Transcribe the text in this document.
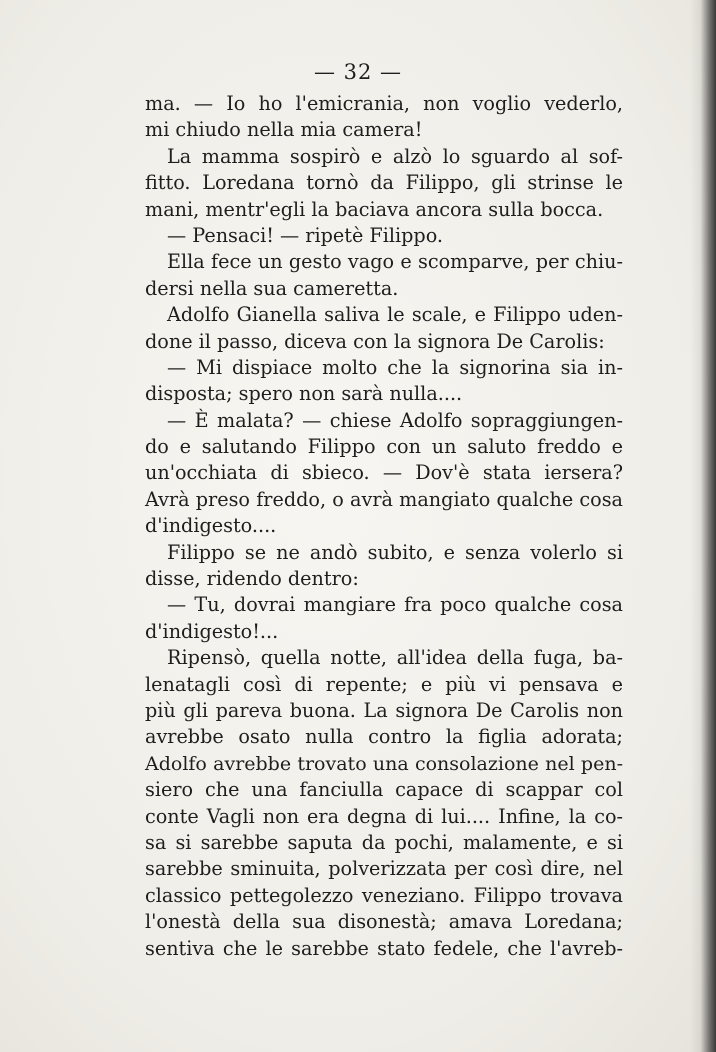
— 32 —
ma. — Io ho l'emicrania, non voglio vederlo,
mi chiudo nella mia camera!
La mamma sospirò e alzò lo sguardo al sof-
fitto. Loredana tornò da Filippo, gli strinse le
mani, mentr'egli la baciava ancora sulla bocca.
— Pensaci! — ripetè Filippo.
Ella fece un gesto vago e scomparve, per chiu-
dersi nella sua cameretta.
Adolfo Gianella saliva le scale, e Filippo uden-
done il passo, diceva con la signora De Carolis:
— Mi dispiace molto che la signorina sia in-
disposta; spero non sarà nulla....
— È malata? — chiese Adolfo sopraggiungen-
do e salutando Filippo con un saluto freddo e
un'occhiata di sbieco. — Dov'è stata iersera?
Avrà preso freddo, o avrà mangiato qualche cosa
d'indigesto....
Filippo se ne andò subito, e senza volerlo si
disse, ridendo dentro:
— Tu, dovrai mangiare fra poco qualche cosa
d'indigesto!...
Ripensò, quella notte, all'idea della fuga, ba-
lenatagli così di repente; e più vi pensava e
più gli pareva buona. La signora De Carolis non
avrebbe osato nulla contro la figlia adorata;
Adolfo avrebbe trovato una consolazione nel pen-
siero che una fanciulla capace di scappar col
conte Vagli non era degna di lui.... Infine, la co-
sa si sarebbe saputa da pochi, malamente, e si
sarebbe sminuita, polverizzata per così dire, nel
classico pettegolezzo veneziano. Filippo trovava
l'onestà della sua disonestà; amava Loredana;
sentiva che le sarebbe stato fedele, che l'avreb-
